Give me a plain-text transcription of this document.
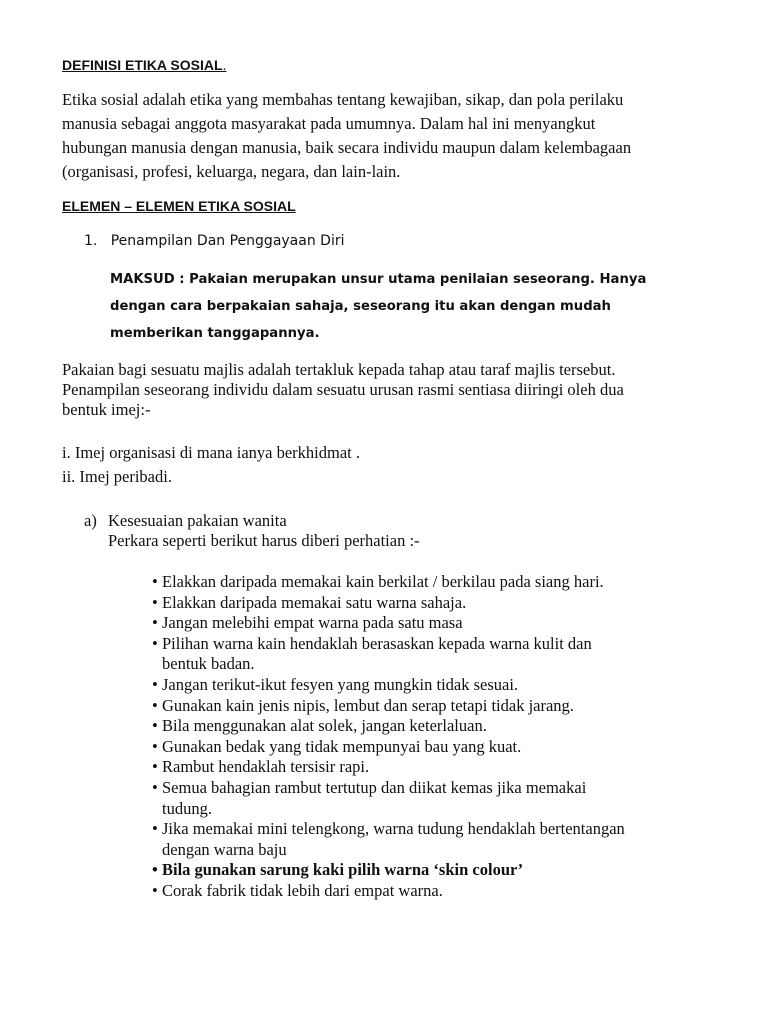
DEFINISI ETIKA SOSIAL.
Etika sosial adalah etika yang membahas tentang kewajiban, sikap, dan pola perilaku
manusia sebagai anggota masyarakat pada umumnya. Dalam hal ini menyangkut
hubungan manusia dengan manusia, baik secara individu maupun dalam kelembagaan
(organisasi, profesi, keluarga, negara, dan lain-lain.
ELEMEN – ELEMEN ETIKA SOSIAL
1. Penampilan Dan Penggayaan Diri
MAKSUD : Pakaian merupakan unsur utama penilaian seseorang. Hanya
dengan cara berpakaian sahaja, seseorang itu akan dengan mudah
memberikan tanggapannya.
Pakaian bagi sesuatu majlis adalah tertakluk kepada tahap atau taraf majlis tersebut.
Penampilan seseorang individu dalam sesuatu urusan rasmi sentiasa diiringi oleh dua
bentuk imej:-
i. Imej organisasi di mana ianya berkhidmat .
ii. Imej peribadi.
a) Kesesuaian pakaian wanita
Perkara seperti berikut harus diberi perhatian :-
• Elakkan daripada memakai kain berkilat / berkilau pada siang hari.
• Elakkan daripada memakai satu warna sahaja.
• Jangan melebihi empat warna pada satu masa
• Pilihan warna kain hendaklah berasaskan kepada warna kulit dan
bentuk badan.
• Jangan terikut-ikut fesyen yang mungkin tidak sesuai.
• Gunakan kain jenis nipis, lembut dan serap tetapi tidak jarang.
• Bila menggunakan alat solek, jangan keterlaluan.
• Gunakan bedak yang tidak mempunyai bau yang kuat.
• Rambut hendaklah tersisir rapi.
• Semua bahagian rambut tertutup dan diikat kemas jika memakai
tudung.
• Jika memakai mini telengkong, warna tudung hendaklah bertentangan
dengan warna baju
• Bila gunakan sarung kaki pilih warna ‘skin colour’
• Corak fabrik tidak lebih dari empat warna.
